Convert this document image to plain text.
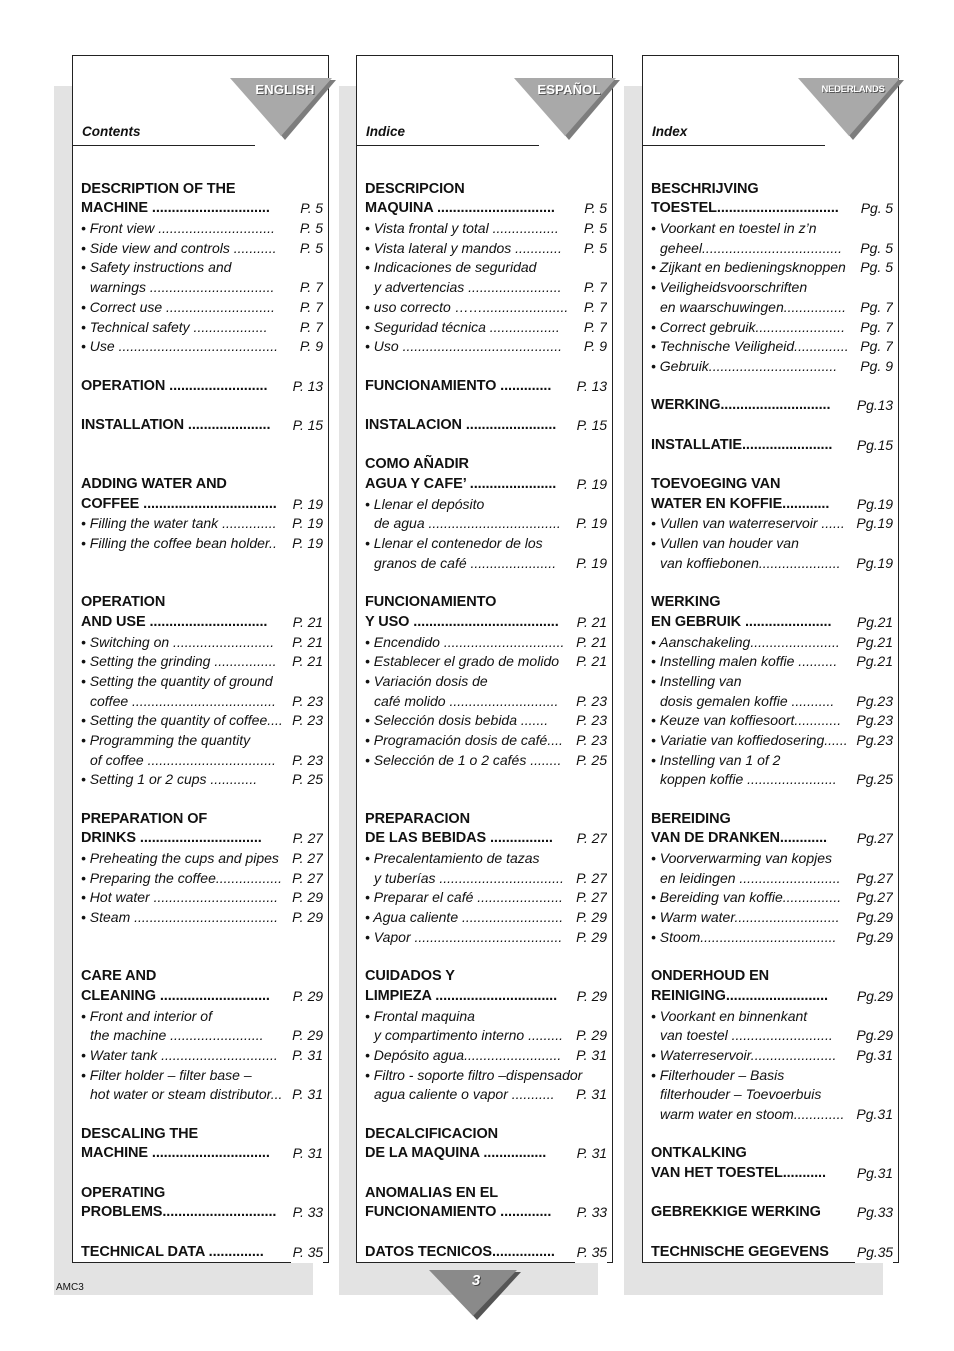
Contents
ENGLISH
DESCRIPTION OF THE
MACHINE .............................. P. 5
• Front view .............................. P. 5
• Side view and controls ........... P. 5
• Safety instructions and
warnings ................................ P. 7
• Correct use ............................ P. 7
• Technical safety ................... P. 7
• Use ......................................... P. 9
OPERATION ......................... P. 13
INSTALLATION ..................... P. 15
ADDING WATER AND
COFFEE .................................. P. 19
• Filling the water tank .............. P. 19
• Filling the coffee bean holder.. P. 19
OPERATION
AND USE .............................. P. 21
• Switching on .......................... P. 21
• Setting the grinding ................ P. 21
• Setting the quantity of ground
coffee ..................................... P. 23
• Setting the quantity of coffee.... P. 23
• Programming the quantity
of coffee ................................. P. 23
• Setting 1 or 2 cups ............	P. 25
PREPARATION OF
DRINKS ............................... P. 27
• Preheating the cups and pipes P. 27
• Preparing the coffee................. P. 27
• Hot water ................................ P. 29
• Steam ..................................... P. 29
CARE AND
CLEANING ............................ P. 29
• Front and interior of
the machine ........................ P. 29
• Water tank .............................. P. 31
• Filter holder – filter base –
hot water or steam distributor... P. 31
DESCALING THE
MACHINE .............................. P. 31
OPERATING
PROBLEMS............................. P. 33
TECHNICAL DATA .............. P. 35
Indice
ESPAÑOL
DESCRIPCION
MAQUINA .............................. P. 5
• Vista frontal y total ................. P. 5
• Vista lateral y mandos ............ P. 5
• Indicaciones de seguridad
y advertencias ........................ P. 7
• uso correcto ……...................... P. 7
• Seguridad técnica .................. P. 7
• Uso ......................................... P. 9
FUNCIONAMIENTO ............. P. 13
INSTALACION ....................... P. 15
COMO AÑADIR
AGUA Y CAFE’ ...................... P. 19
• Llenar el depósito
de agua .................................. P. 19
• Llenar el contenedor de los
granos de café ...................... P. 19
FUNCIONAMIENTO
Y USO ..................................... P. 21
• Encendido ............................... P. 21
• Establecer el grado de molido P. 21
• Variación dosis de
café molido ............................ P. 23
• Selección dosis bebida ....... P. 23
• Programación dosis de café.... P. 23
• Selección de 1 o 2 cafés ........ P. 25
PREPARACION
DE LAS BEBIDAS ................ P. 27
• Precalentamiento de tazas
y tuberías ................................ P. 27
• Preparar el café ...................... P. 27
• Agua caliente .......................... P. 29
• Vapor ...................................... P. 29
CUIDADOS Y
LIMPIEZA ............................... P. 29
• Frontal maquina
y compartimento interno ......... P. 29
• Depósito agua......................... P. 31
• Filtro - soporte filtro –dispensador
agua caliente o vapor ........... P. 31
DECALCIFICACION
DE LA MAQUINA ................ P. 31
ANOMALIAS EN EL
FUNCIONAMIENTO ............. P. 33
DATOS TECNICOS................ P. 35
Index
NEDERLANDS
BESCHRIJVING
TOESTEL............................... Pg. 5
• Voorkant en toestel in z’n
geheel.................................... Pg. 5
• Zijkant en bedieningsknoppen Pg. 5
• Veiligheidsvoorschriften
en waarschuwingen................ Pg. 7
• Correct gebruik....................... Pg. 7
• Technische Veiligheid.............. Pg. 7
• Gebruik................................. Pg. 9
WERKING............................ Pg.13
INSTALLATIE....................... Pg.15
TOEVOEGING VAN
WATER EN KOFFIE............ Pg.19
• Vullen van waterreservoir ...... Pg.19
• Vullen van houder van
van koffiebonen..................... Pg.19
WERKING
EN GEBRUIK ...................... Pg.21
• Aanschakeling....................... Pg.21
• Instelling malen koffie .......... Pg.21
• Instelling van
dosis gemalen koffie ........... Pg.23
• Keuze van koffiesoort............ Pg.23
• Variatie van koffiedosering...... Pg.23
• Instelling van 1 of 2
koppen koffie ....................... Pg.25
BEREIDING
VAN DE DRANKEN............ Pg.27
• Voorverwarming van kopjes
en leidingen .......................... Pg.27
• Bereiding van koffie............... Pg.27
• Warm water........................... Pg.29
• Stoom................................... Pg.29
ONDERHOUD EN
REINIGING.......................... Pg.29
• Voorkant en binnenkant
van toestel .......................... Pg.29
• Waterreservoir...................... Pg.31
• Filterhouder – Basis
filterhouder – Toevoerbuis
warm water en stoom............. Pg.31
ONTKALKING
VAN HET TOESTEL........... Pg.31
GEBREKKIGE WERKING	Pg.33
TECHNISCHE GEGEVENS Pg.35
AMC3	3
